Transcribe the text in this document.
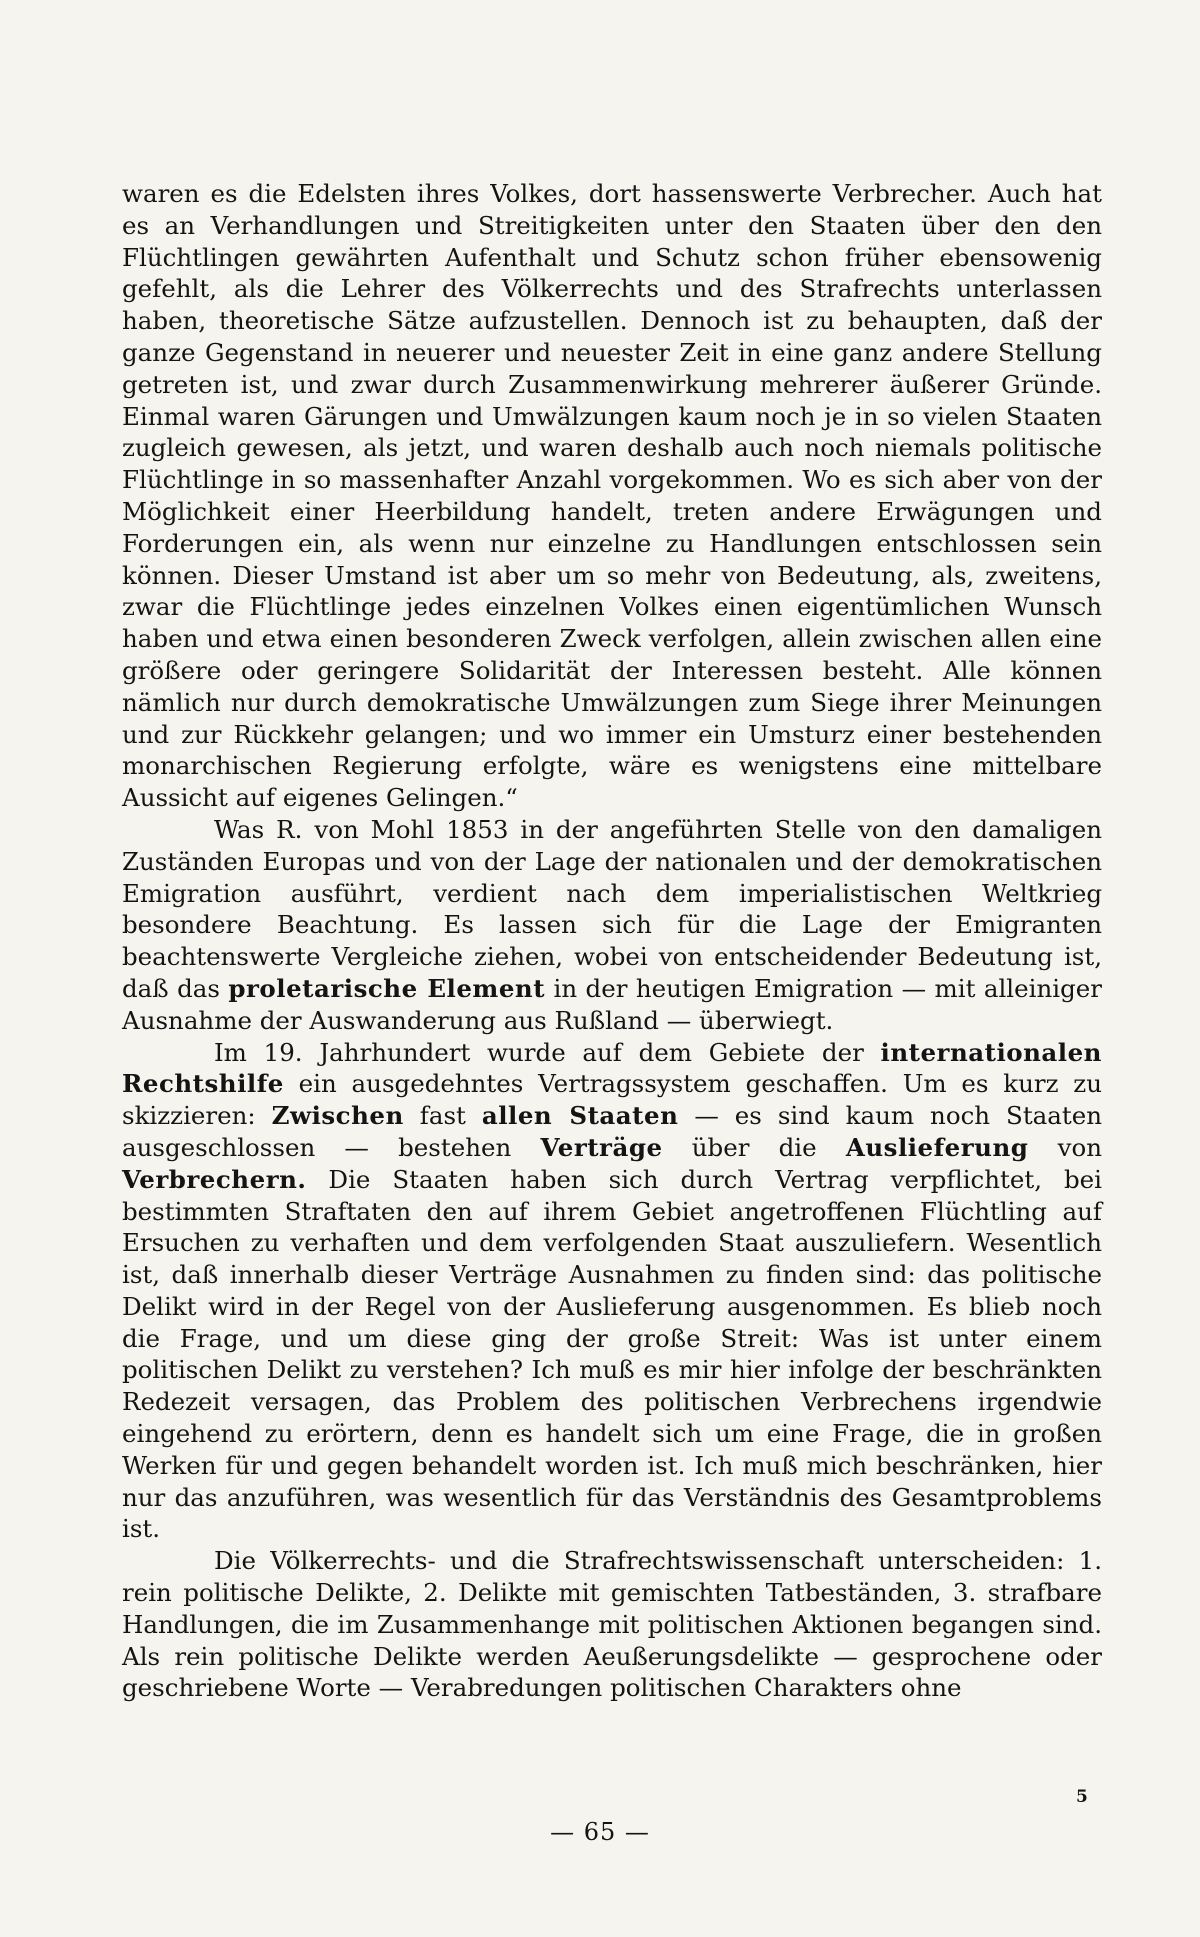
waren es die Edelsten ihres Volkes, dort hassenswerte Verbrecher. Auch hat es an Verhandlungen und Streitigkeiten unter den Staaten über den den Flüchtlingen gewährten Aufenthalt und Schutz schon früher ebensowenig gefehlt, als die Lehrer des Völkerrechts und des Strafrechts unterlassen haben, theoretische Sätze aufzustellen. Dennoch ist zu behaupten, daß der ganze Gegenstand in neuerer und neuester Zeit in eine ganz andere Stellung getreten ist, und zwar durch Zusammenwirkung mehrerer äußerer Gründe. Einmal waren Gärungen und Umwälzungen kaum noch je in so vielen Staaten zugleich gewesen, als jetzt, und waren deshalb auch noch niemals politische Flüchtlinge in so massenhafter Anzahl vorgekommen. Wo es sich aber von der Möglichkeit einer Heerbildung handelt, treten andere Erwägungen und Forderungen ein, als wenn nur einzelne zu Handlungen entschlossen sein können. Dieser Umstand ist aber um so mehr von Bedeutung, als, zweitens, zwar die Flüchtlinge jedes einzelnen Volkes einen eigentümlichen Wunsch haben und etwa einen besonderen Zweck verfolgen, allein zwischen allen eine größere oder geringere Solidarität der Interessen besteht. Alle können nämlich nur durch demokratische Umwälzungen zum Siege ihrer Meinungen und zur Rückkehr gelangen; und wo immer ein Umsturz einer bestehenden monarchischen Regierung erfolgte, wäre es wenigstens eine mittelbare Aussicht auf eigenes Gelingen.“

Was R. von Mohl 1853 in der angeführten Stelle von den damaligen Zuständen Europas und von der Lage der nationalen und der demokratischen Emigration ausführt, verdient nach dem imperialistischen Weltkrieg besondere Beachtung. Es lassen sich für die Lage der Emigranten beachtenswerte Vergleiche ziehen, wobei von entscheidender Bedeutung ist, daß das proletarische Element in der heutigen Emigration — mit alleiniger Ausnahme der Auswanderung aus Rußland — überwiegt.

Im 19. Jahrhundert wurde auf dem Gebiete der internationalen Rechtshilfe ein ausgedehntes Vertragssystem geschaffen. Um es kurz zu skizzieren: Zwischen fast allen Staaten — es sind kaum noch Staaten ausgeschlossen — bestehen Verträge über die Auslieferung von Verbrechern. Die Staaten haben sich durch Vertrag verpflichtet, bei bestimmten Straftaten den auf ihrem Gebiet angetroffenen Flüchtling auf Ersuchen zu verhaften und dem verfolgenden Staat auszuliefern. Wesentlich ist, daß innerhalb dieser Verträge Ausnahmen zu finden sind: das politische Delikt wird in der Regel von der Auslieferung ausgenommen. Es blieb noch die Frage, und um diese ging der große Streit: Was ist unter einem politischen Delikt zu verstehen? Ich muß es mir hier infolge der beschränkten Redezeit versagen, das Problem des politischen Verbrechens irgendwie eingehend zu erörtern, denn es handelt sich um eine Frage, die in großen Werken für und gegen behandelt worden ist. Ich muß mich beschränken, hier nur das anzuführen, was wesentlich für das Verständnis des Gesamtproblems ist.

Die Völkerrechts- und die Strafrechtswissenschaft unterscheiden: 1. rein politische Delikte, 2. Delikte mit gemischten Tatbeständen, 3. strafbare Handlungen, die im Zusammenhange mit politischen Aktionen begangen sind. Als rein politische Delikte werden Aeußerungsdelikte — gesprochene oder geschriebene Worte — Verabredungen politischen Charakters ohne

5
— 65 —
